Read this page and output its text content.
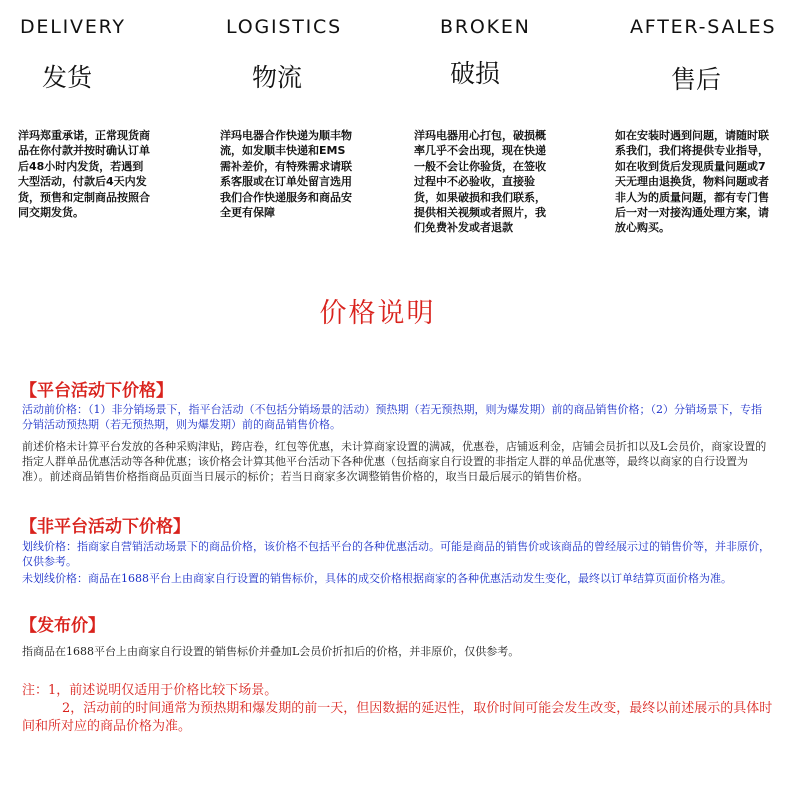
DELIVERY
发货

洋玛郑重承诺，正常现货商品在你付款并按时确认订单后48小时内发货，若遇到大型活动，付款后4天内发货，预售和定制商品按照合同交期发货。

LOGISTICS
物流

洋玛电器合作快递为顺丰物流，如发顺丰快递和EMS需补差价，有特殊需求请联系客服或在订单处留言选用我们合作快递服务和商品安全更有保障

BROKEN
破损

洋玛电器用心打包，破损概率几乎不会出现，现在快递一般不会让你验货，在签收过程中不必验收，直接验货，如果破损和我们联系，提供相关视频或者照片，我们免费补发或者退款

AFTER-SALES
售后

如在安装时遇到问题，请随时联系我们，我们将提供专业指导，如在收到货后发现质量问题或7天无理由退换货，物料问题或者非人为的质量问题，都有专门售后一对一对接沟通处理方案，请放心购买。

价格说明
【平台活动下价格】

活动前价格：（1）非分销场景下，指平台活动（不包括分销场景的活动）预热期（若无预热期，则为爆发期）前的商品销售价格；（2）分销场景下，专指分销活动预热期（若无预热期，则为爆发期）前的商品销售价格。

前述价格未计算平台发放的各种采购津贴，跨店卷，红包等优惠，未计算商家设置的满减，优惠卷，店铺返利金，店铺会员折扣以及L会员价，商家设置的指定人群单品优惠活动等各种优惠；该价格会计算其他平台活动下各种优惠（包括商家自行设置的非指定人群的单品优惠等，最终以商家的自行设置为准）。前述商品销售价格指商品页面当日展示的标价；若当日商家多次调整销售价格的，取当日最后展示的销售价格。

【非平台活动下价格】

划线价格：指商家自营销活动场景下的商品价格，该价格不包括平台的各种优惠活动。可能是商品的销售价或该商品的曾经展示过的销售价等，并非原价，仅供参考。

未划线价格：商品在1688平台上由商家自行设置的销售标价，具体的成交价格根据商家的各种优惠活动发生变化，最终以订单结算页面价格为准。

【发布价】

指商品在1688平台上由商家自行设置的销售标价并叠加L会员价折扣后的价格，并非原价，仅供参考。

注：1，前述说明仅适用于价格比较下场景。
2，活动前的时间通常为预热期和爆发期的前一天，但因数据的延迟性，取价时间可能会发生改变，最终以前述展示的具体时间和所对应的商品价格为准。
